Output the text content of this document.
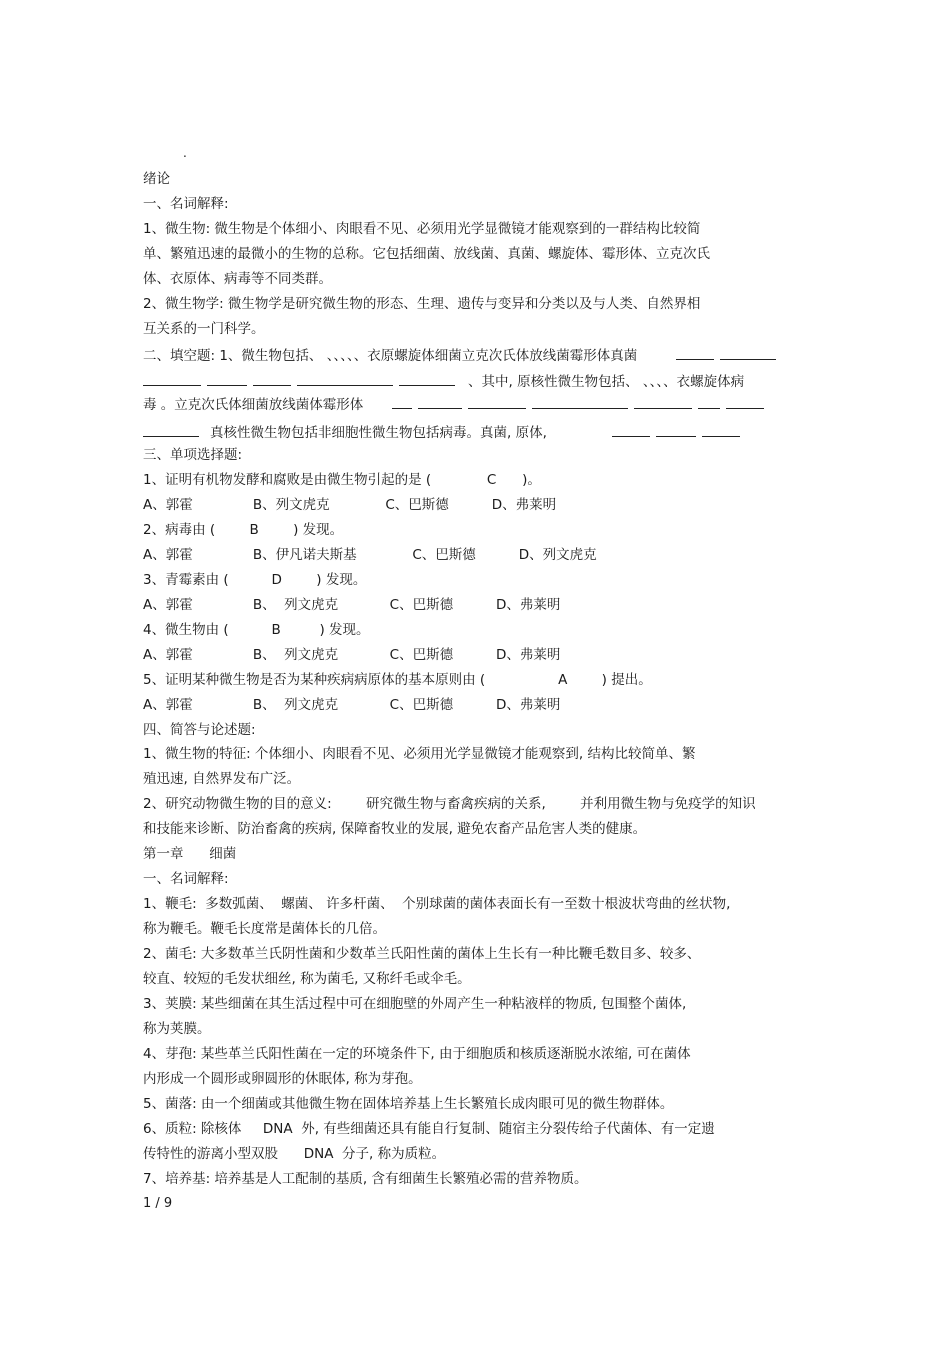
.
绪论
一、名词解释:
1、微生物: 微生物是个体细小、肉眼看不见、必须用光学显微镜才能观察到的一群结构比较简
单、繁殖迅速的最微小的生物的总称。它包括细菌、放线菌、真菌、螺旋体、霉形体、立克次氏
体、衣原体、病毒等不同类群。
2、微生物学: 微生物学是研究微生物的形态、生理、遗传与变异和分类以及与人类、自然界相
互关系的一门科学。
二、填空题: 1、微生物包括、 、、、、、衣原螺旋体细菌立克次氏体放线菌霉形体真菌
、其中, 原核性微生物包括、 、、、、衣螺旋体病
毒 。立克次氏体细菌放线菌体霉形体
真核性微生物包括非细胞性微生物包括病毒。真菌, 原体,
三、单项选择题:
1、证明有机物发酵和腐败是由微生物引起的是 (             C      )。
A、郭霍              B、列文虎克             C、巴斯德          D、弗莱明
2、病毒由 (        B        ) 发现。
A、郭霍              B、伊凡诺夫斯基             C、巴斯德          D、列文虎克
3、青霉素由 (          D        ) 发现。
A、郭霍              B、  列文虎克            C、巴斯德          D、弗莱明
4、微生物由 (          B         ) 发现。
A、郭霍              B、  列文虎克            C、巴斯德          D、弗莱明
5、证明某种微生物是否为某种疾病病原体的基本原则由 (                 A        ) 提出。
A、郭霍              B、  列文虎克            C、巴斯德          D、弗莱明
四、简答与论述题:
1、微生物的特征: 个体细小、肉眼看不见、必须用光学显微镜才能观察到, 结构比较简单、繁
殖迅速, 自然界发布广泛。
2、研究动物微生物的目的意义:        研究微生物与畜禽疾病的关系,        并利用微生物与免疫学的知识
和技能来诊断、防治畜禽的疾病, 保障畜牧业的发展, 避免农畜产品危害人类的健康。
第一章      细菌
一、名词解释:
1、鞭毛:  多数弧菌、  螺菌、 许多杆菌、  个别球菌的菌体表面长有一至数十根波状弯曲的丝状物,
称为鞭毛。鞭毛长度常是菌体长的几倍。
2、菌毛: 大多数革兰氏阴性菌和少数革兰氏阳性菌的菌体上生长有一种比鞭毛数目多、较多、
较直、较短的毛发状细丝, 称为菌毛, 又称纤毛或伞毛。
3、荚膜: 某些细菌在其生活过程中可在细胞壁的外周产生一种粘液样的物质, 包围整个菌体,
称为荚膜。
4、芽孢: 某些革兰氏阳性菌在一定的环境条件下, 由于细胞质和核质逐渐脱水浓缩, 可在菌体
内形成一个圆形或卵圆形的休眠体, 称为芽孢。
5、菌落: 由一个细菌或其他微生物在固体培养基上生长繁殖长成肉眼可见的微生物群体。
6、质粒: 除核体     DNA  外, 有些细菌还具有能自行复制、随宿主分裂传给子代菌体、有一定遗
传特性的游离小型双股      DNA  分子, 称为质粒。
7、培养基: 培养基是人工配制的基质, 含有细菌生长繁殖必需的营养物质。
1 / 9
